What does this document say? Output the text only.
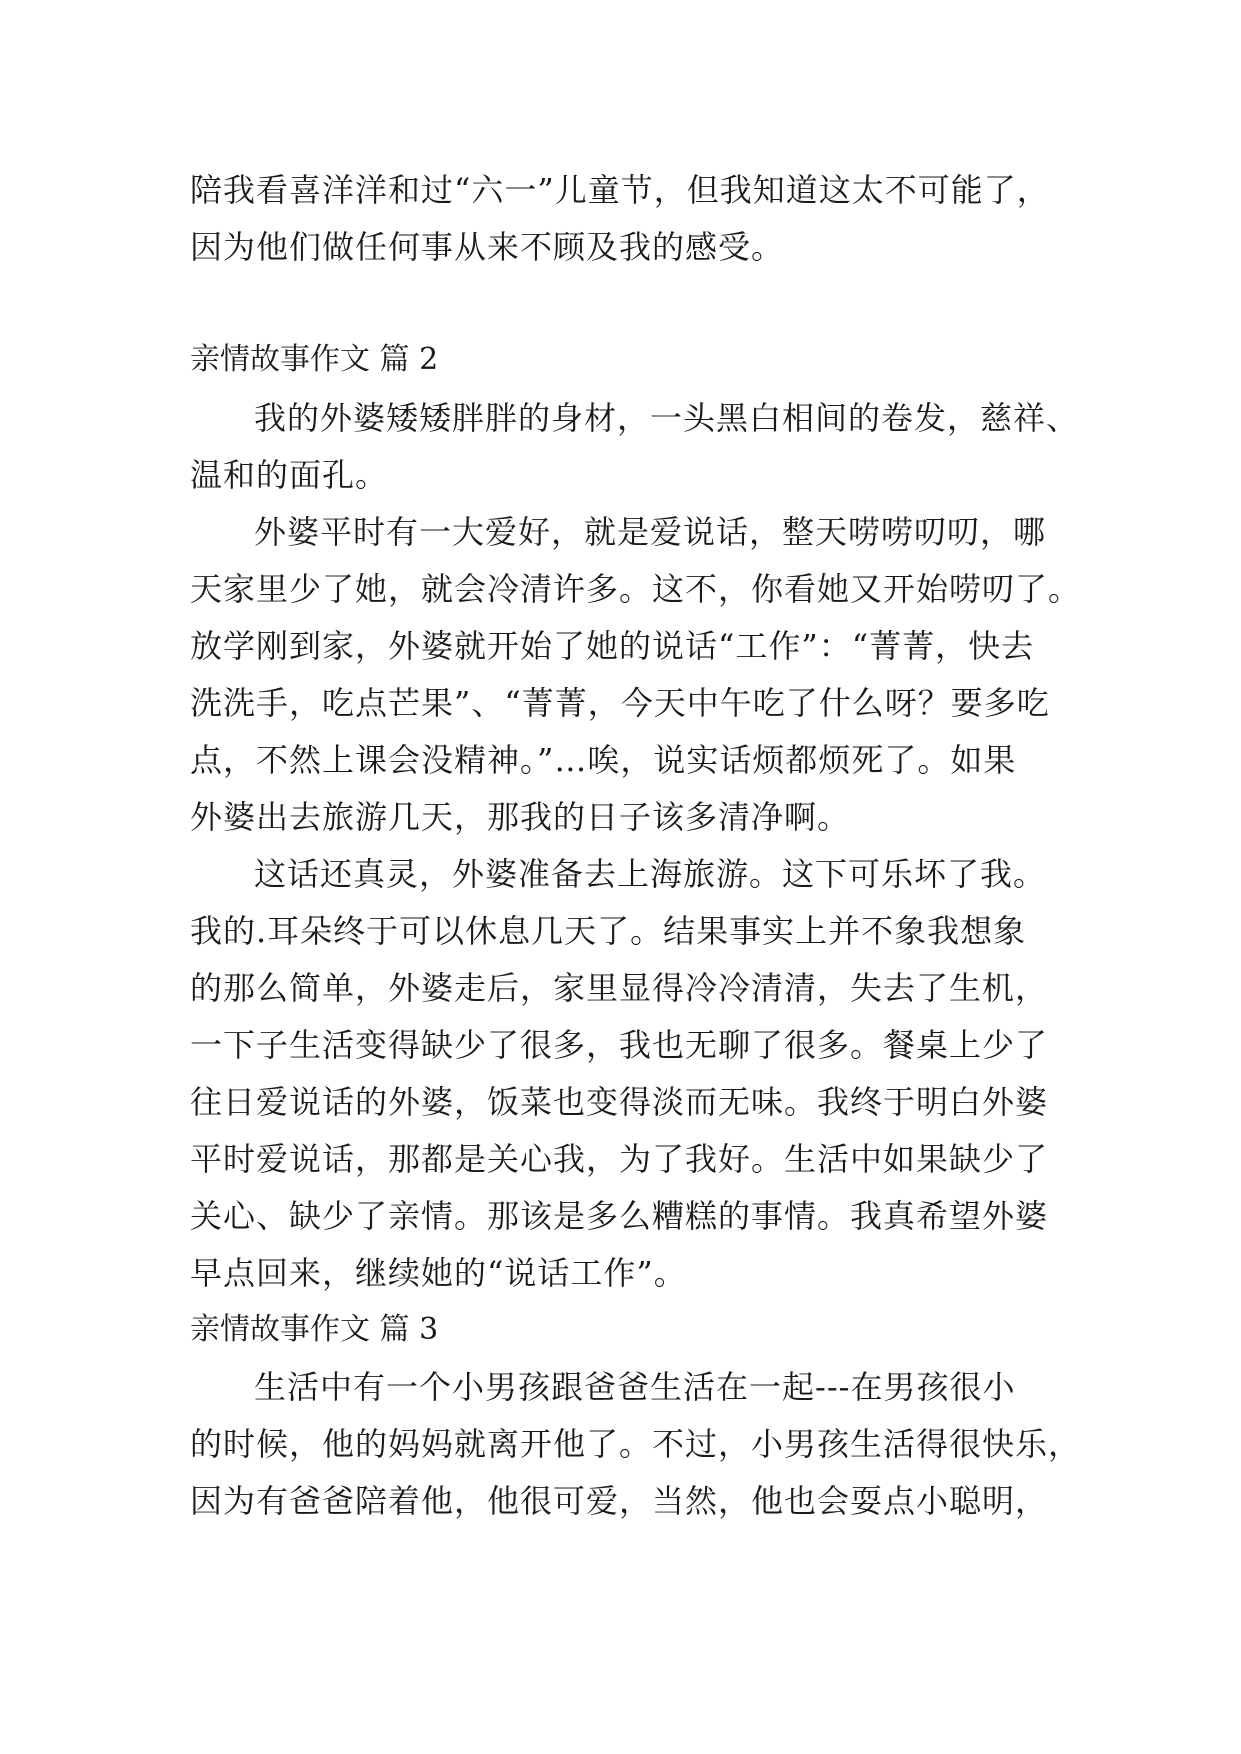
陪我看喜洋洋和过“六一”儿童节，但我知道这太不可能了，
因为他们做任何事从来不顾及我的感受。
亲情故事作文 篇 2
我的外婆矮矮胖胖的身材，一头黑白相间的卷发，慈祥、
温和的面孔。
外婆平时有一大爱好，就是爱说话，整天唠唠叨叨，哪
天家里少了她，就会冷清许多。这不，你看她又开始唠叨了。
放学刚到家，外婆就开始了她的说话“工作”：“菁菁，快去
洗洗手，吃点芒果”、“菁菁，今天中午吃了什么呀？要多吃
点，不然上课会没精神。”…唉，说实话烦都烦死了。如果
外婆出去旅游几天，那我的日子该多清净啊。
这话还真灵，外婆准备去上海旅游。这下可乐坏了我。
我的.耳朵终于可以休息几天了。结果事实上并不象我想象
的那么简单，外婆走后，家里显得冷冷清清，失去了生机，
一下子生活变得缺少了很多，我也无聊了很多。餐桌上少了
往日爱说话的外婆，饭菜也变得淡而无味。我终于明白外婆
平时爱说话，那都是关心我，为了我好。生活中如果缺少了
关心、缺少了亲情。那该是多么糟糕的事情。我真希望外婆
早点回来，继续她的“说话工作”。
亲情故事作文 篇 3
生活中有一个小男孩跟爸爸生活在一起---在男孩很小
的时候，他的妈妈就离开他了。不过，小男孩生活得很快乐，
因为有爸爸陪着他，他很可爱，当然，他也会耍点小聪明，
